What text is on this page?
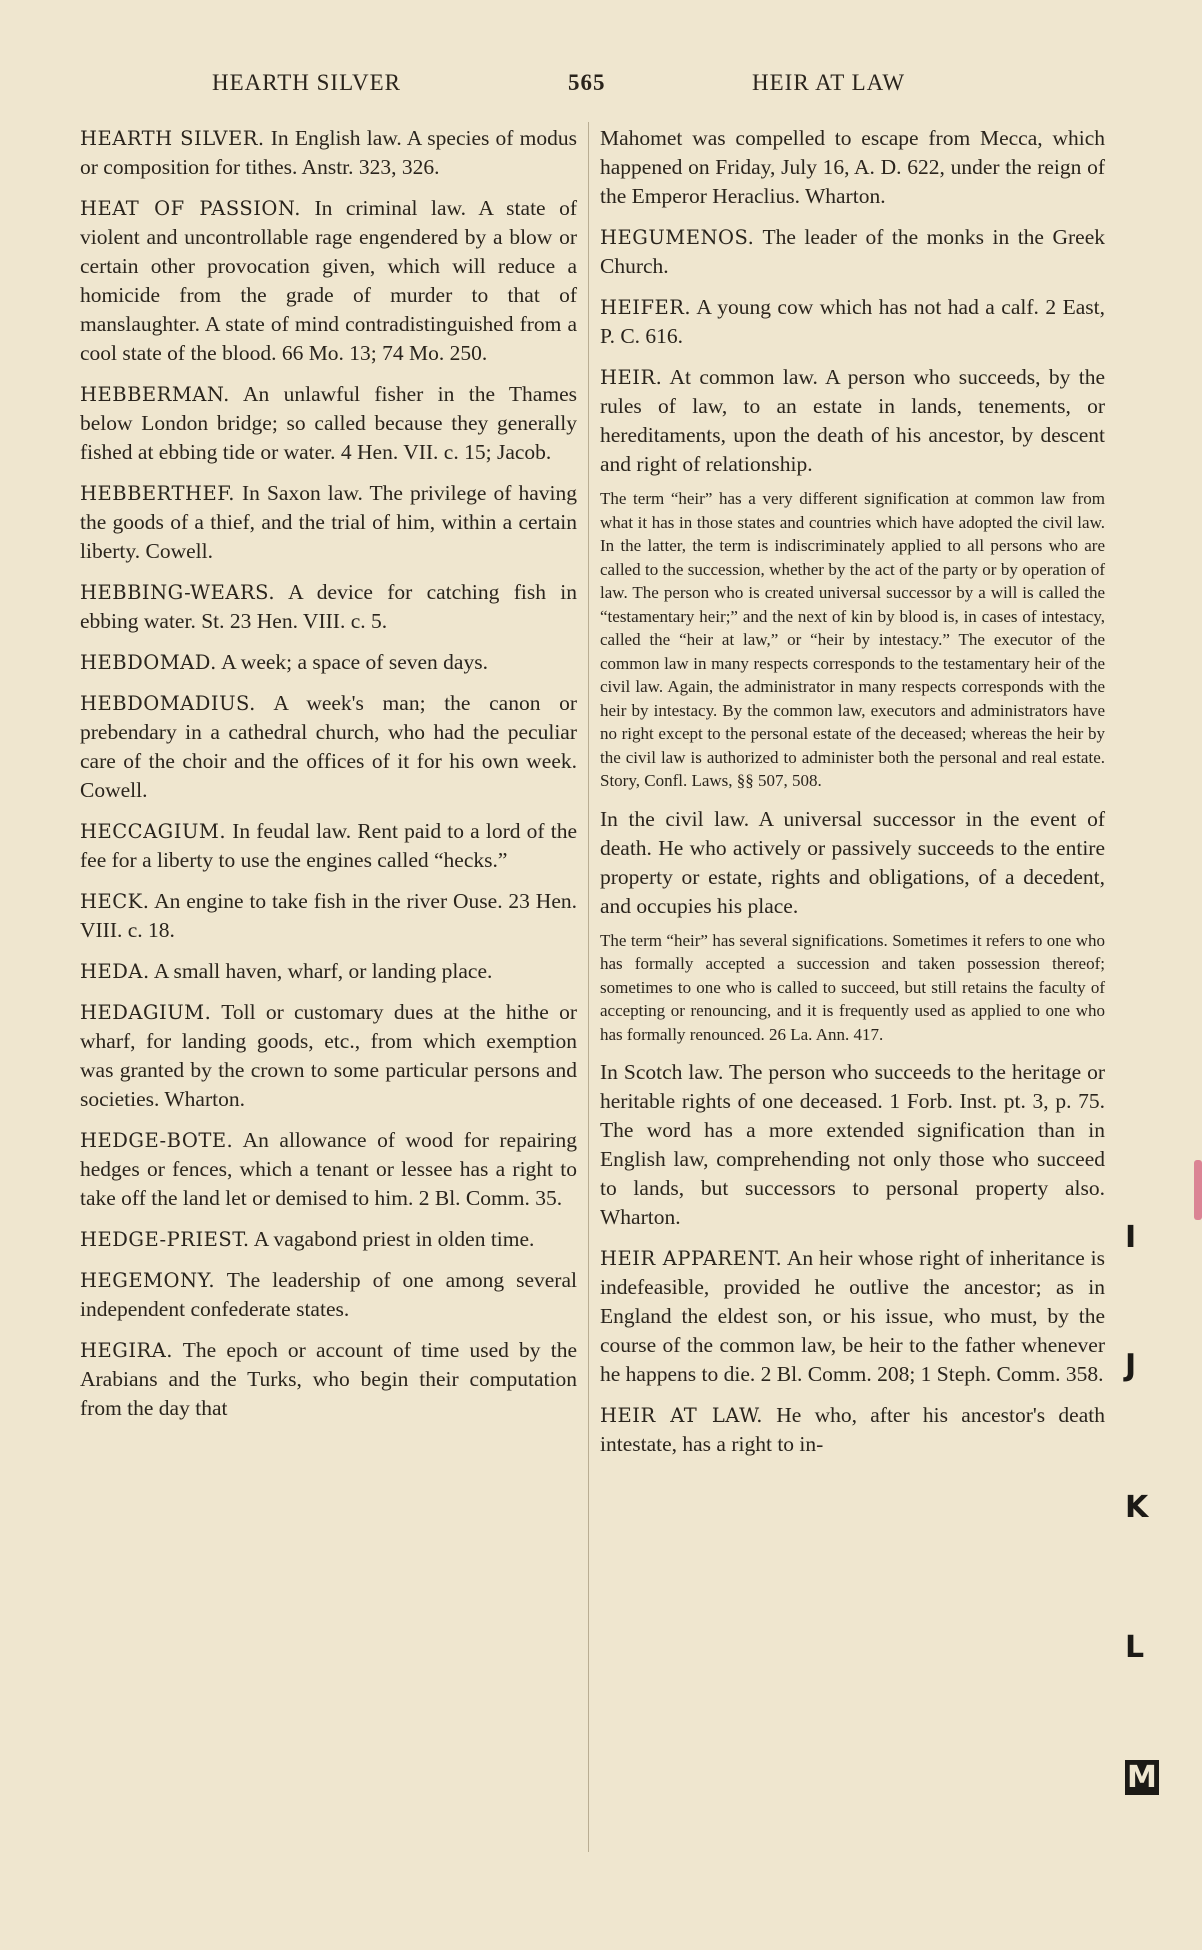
HEARTH SILVER	565	HEIR AT LAW

HEARTH SILVER. In English law. A species of modus or composition for tithes. Anstr. 323, 326.

HEAT OF PASSION. In criminal law. A state of violent and uncontrollable rage engendered by a blow or certain other provocation given, which will reduce a homicide from the grade of murder to that of manslaughter. A state of mind contradistinguished from a cool state of the blood. 66 Mo. 13; 74 Mo. 250.

HEBBERMAN. An unlawful fisher in the Thames below London bridge; so called because they generally fished at ebbing tide or water. 4 Hen. VII. c. 15; Jacob.

HEBBERTHEF. In Saxon law. The privilege of having the goods of a thief, and the trial of him, within a certain liberty. Cowell.

HEBBING-WEARS. A device for catching fish in ebbing water. St. 23 Hen. VIII. c. 5.

HEBDOMAD. A week; a space of seven days.

HEBDOMADIUS. A week's man; the canon or prebendary in a cathedral church, who had the peculiar care of the choir and the offices of it for his own week. Cowell.

HECCAGIUM. In feudal law. Rent paid to a lord of the fee for a liberty to use the engines called “hecks.”

HECK. An engine to take fish in the river Ouse. 23 Hen. VIII. c. 18.

HEDA. A small haven, wharf, or landing place.

HEDAGIUM. Toll or customary dues at the hithe or wharf, for landing goods, etc., from which exemption was granted by the crown to some particular persons and societies. Wharton.

HEDGE-BOTE. An allowance of wood for repairing hedges or fences, which a tenant or lessee has a right to take off the land let or demised to him. 2 Bl. Comm. 35.

HEDGE-PRIEST. A vagabond priest in olden time.

HEGEMONY. The leadership of one among several independent confederate states.

HEGIRA. The epoch or account of time used by the Arabians and the Turks, who begin their computation from the day that

Mahomet was compelled to escape from Mecca, which happened on Friday, July 16, A. D. 622, under the reign of the Emperor Heraclius. Wharton.

HEGUMENOS. The leader of the monks in the Greek Church.

HEIFER. A young cow which has not had a calf. 2 East, P. C. 616.

HEIR. At common law. A person who succeeds, by the rules of law, to an estate in lands, tenements, or hereditaments, upon the death of his ancestor, by descent and right of relationship.

The term “heir” has a very different signification at common law from what it has in those states and countries which have adopted the civil law. In the latter, the term is indiscriminately applied to all persons who are called to the succession, whether by the act of the party or by operation of law. The person who is created universal successor by a will is called the “testamentary heir;” and the next of kin by blood is, in cases of intestacy, called the “heir at law,” or “heir by intestacy.” The executor of the common law in many respects corresponds to the testamentary heir of the civil law. Again, the administrator in many respects corresponds with the heir by intestacy. By the common law, executors and administrators have no right except to the personal estate of the deceased; whereas the heir by the civil law is authorized to administer both the personal and real estate. Story, Confl. Laws, §§ 507, 508.

In the civil law. A universal successor in the event of death. He who actively or passively succeeds to the entire property or estate, rights and obligations, of a decedent, and occupies his place.

The term “heir” has several significations. Sometimes it refers to one who has formally accepted a succession and taken possession thereof; sometimes to one who is called to succeed, but still retains the faculty of accepting or renouncing, and it is frequently used as applied to one who has formally renounced. 26 La. Ann. 417.

In Scotch law. The person who succeeds to the heritage or heritable rights of one deceased. 1 Forb. Inst. pt. 3, p. 75. The word has a more extended signification than in English law, comprehending not only those who succeed to lands, but successors to personal property also. Wharton.

HEIR APPARENT. An heir whose right of inheritance is indefeasible, provided he outlive the ancestor; as in England the eldest son, or his issue, who must, by the course of the common law, be heir to the father whenever he happens to die. 2 Bl. Comm. 208; 1 Steph. Comm. 358.

HEIR AT LAW. He who, after his ancestor's death intestate, has a right to in-

I
J
K
L
M
